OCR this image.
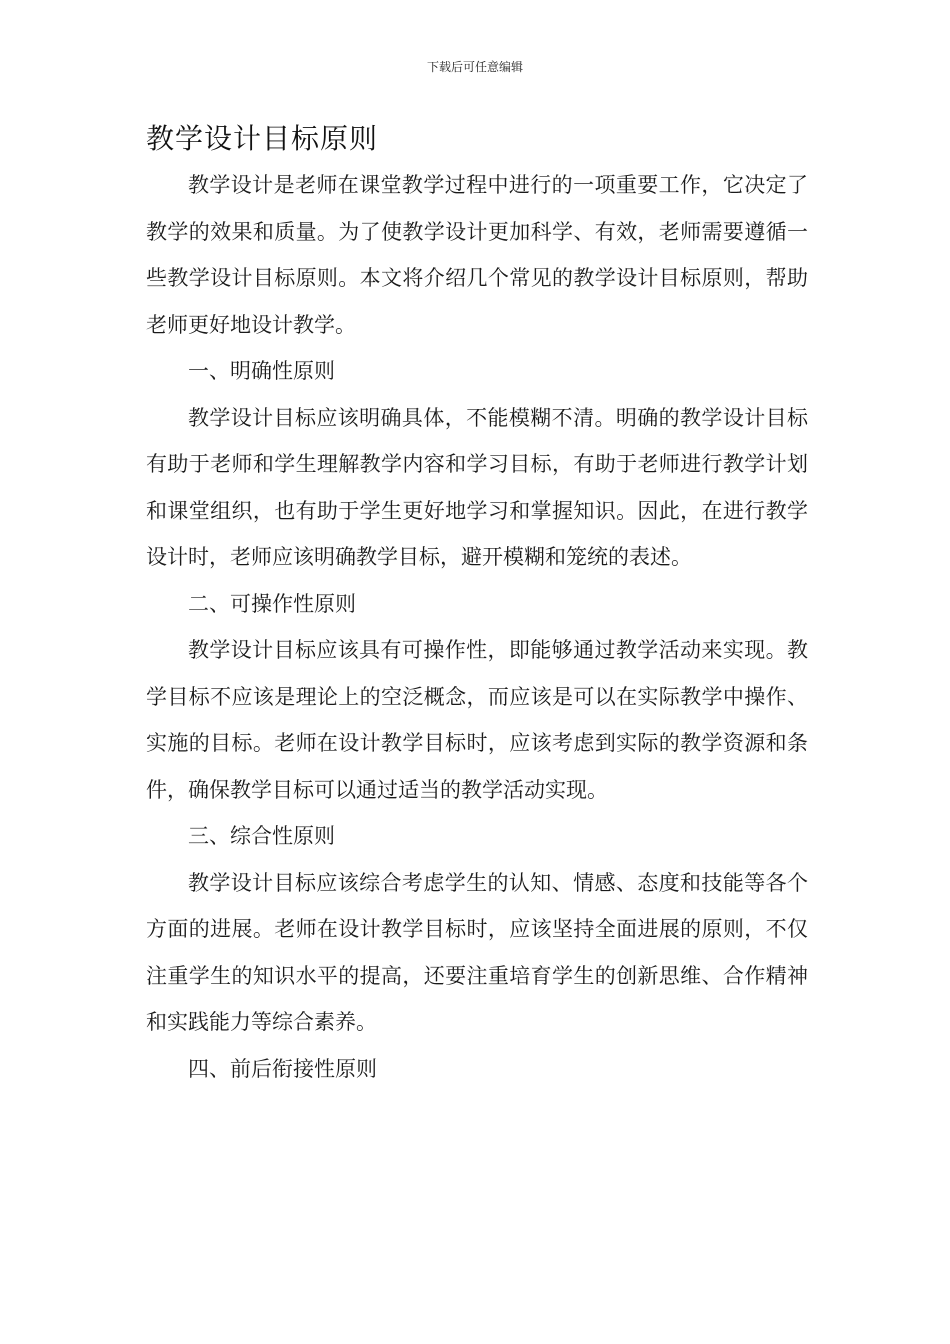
下载后可任意编辑
教学设计目标原则

教学设计是老师在课堂教学过程中进行的一项重要工作，它决定了教学的效果和质量。为了使教学设计更加科学、有效，老师需要遵循一些教学设计目标原则。本文将介绍几个常见的教学设计目标原则，帮助老师更好地设计教学。

一、明确性原则

教学设计目标应该明确具体，不能模糊不清。明确的教学设计目标有助于老师和学生理解教学内容和学习目标，有助于老师进行教学计划和课堂组织，也有助于学生更好地学习和掌握知识。因此，在进行教学设计时，老师应该明确教学目标，避开模糊和笼统的表述。

二、可操作性原则

教学设计目标应该具有可操作性，即能够通过教学活动来实现。教学目标不应该是理论上的空泛概念，而应该是可以在实际教学中操作、实施的目标。老师在设计教学目标时，应该考虑到实际的教学资源和条件，确保教学目标可以通过适当的教学活动实现。

三、综合性原则

教学设计目标应该综合考虑学生的认知、情感、态度和技能等各个方面的进展。老师在设计教学目标时，应该坚持全面进展的原则，不仅注重学生的知识水平的提高，还要注重培育学生的创新思维、合作精神和实践能力等综合素养。

四、前后衔接性原则
